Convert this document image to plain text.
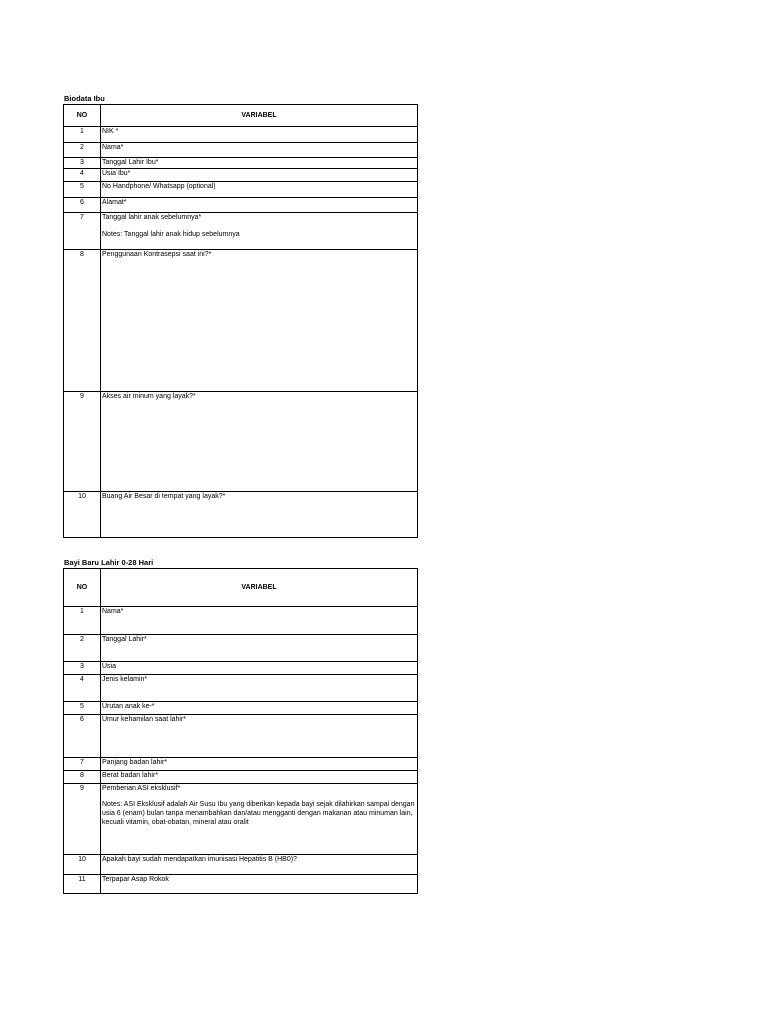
Biodata Ibu
NO	VARIABEL
1	NIK *
2	Nama*
3	Tanggal Lahir Ibu*
4	Usia Ibu*
5	No Handphone/ Whatsapp (optional)
6	Alamat*
7	Tanggal lahir anak sebelumnya*
Notes: Tanggal lahir anak hidup sebelumnya

8	Penggunaan Kontrasepsi saat ini?*
9	Akses air minum yang layak?*
10	Buang Air Besar di tempat yang layak?*
Bayi Baru Lahir 0-28 Hari
NO	VARIABEL
1	Nama*
2	Tanggal Lahir*
3	Usia
4	Jenis kelamin*
5	Urutan anak ke-*
6	Umur kehamilan saat lahir*
7	Panjang badan lahir*
8	Berat badan lahir*
9	Pemberian ASI eksklusif*
Notes: ASI Eksklusif adalah Air Susu Ibu yang diberikan kepada bayi sejak dilahirkan sampai dengan usia 6 (enam) bulan tanpa menambahkan dan/atau mengganti dengan makanan atau minuman lain, kecuali vitamin, obat-obatan, mineral atau oralit

10	Apakah bayi sudah mendapatkan imunisasi Hepatitis B (HB0)?
11	Terpapar Asap Rokok
